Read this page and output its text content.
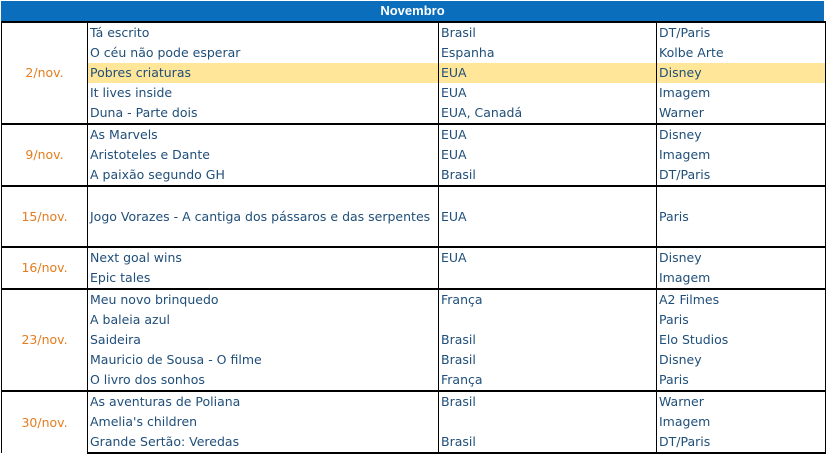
Novembro
2/nov.	Tá escrito	Brasil	DT/Paris
	O céu não pode esperar	Espanha	Kolbe Arte
	Pobres criaturas	EUA	Disney
	It lives inside	EUA	Imagem
	Duna - Parte dois	EUA, Canadá	Warner
9/nov.	As Marvels	EUA	Disney
	Aristoteles e Dante	EUA	Imagem
	A paixão segundo GH	Brasil	DT/Paris
15/nov.	Jogo Vorazes - A cantiga dos pássaros e das serpentes	EUA	Paris
16/nov.	Next goal wins	EUA	Disney
	Epic tales		Imagem
23/nov.	Meu novo brinquedo	França	A2 Filmes
	A baleia azul		Paris
	Saideira	Brasil	Elo Studios
	Mauricio de Sousa - O filme	Brasil	Disney
	O livro dos sonhos	França	Paris
30/nov.	As aventuras de Poliana	Brasil	Warner
	Amelia's children		Imagem
	Grande Sertão: Veredas	Brasil	DT/Paris
